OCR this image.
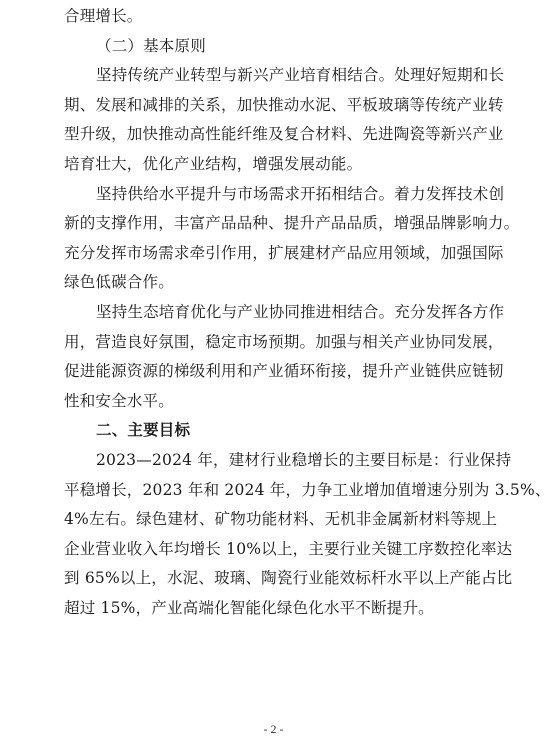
合理增长。
（二）基本原则
坚持传统产业转型与新兴产业培育相结合。处理好短期和长
期、发展和减排的关系，加快推动水泥、平板玻璃等传统产业转
型升级，加快推动高性能纤维及复合材料、先进陶瓷等新兴产业
培育壮大，优化产业结构，增强发展动能。
坚持供给水平提升与市场需求开拓相结合。着力发挥技术创
新的支撑作用，丰富产品品种、提升产品品质，增强品牌影响力。
充分发挥市场需求牵引作用，扩展建材产品应用领域，加强国际
绿色低碳合作。
坚持生态培育优化与产业协同推进相结合。充分发挥各方作
用，营造良好氛围，稳定市场预期。加强与相关产业协同发展，
促进能源资源的梯级利用和产业循环衔接，提升产业链供应链韧
性和安全水平。
二、主要目标
2023—2024 年，建材行业稳增长的主要目标是：行业保持
平稳增长，2023 年和 2024 年，力争工业增加值增速分别为 3.5%、
4%左右。绿色建材、矿物功能材料、无机非金属新材料等规上
企业营业收入年均增长 10%以上，主要行业关键工序数控化率达
到 65%以上，水泥、玻璃、陶瓷行业能效标杆水平以上产能占比
超过 15%，产业高端化智能化绿色化水平不断提升。
- 2 -
